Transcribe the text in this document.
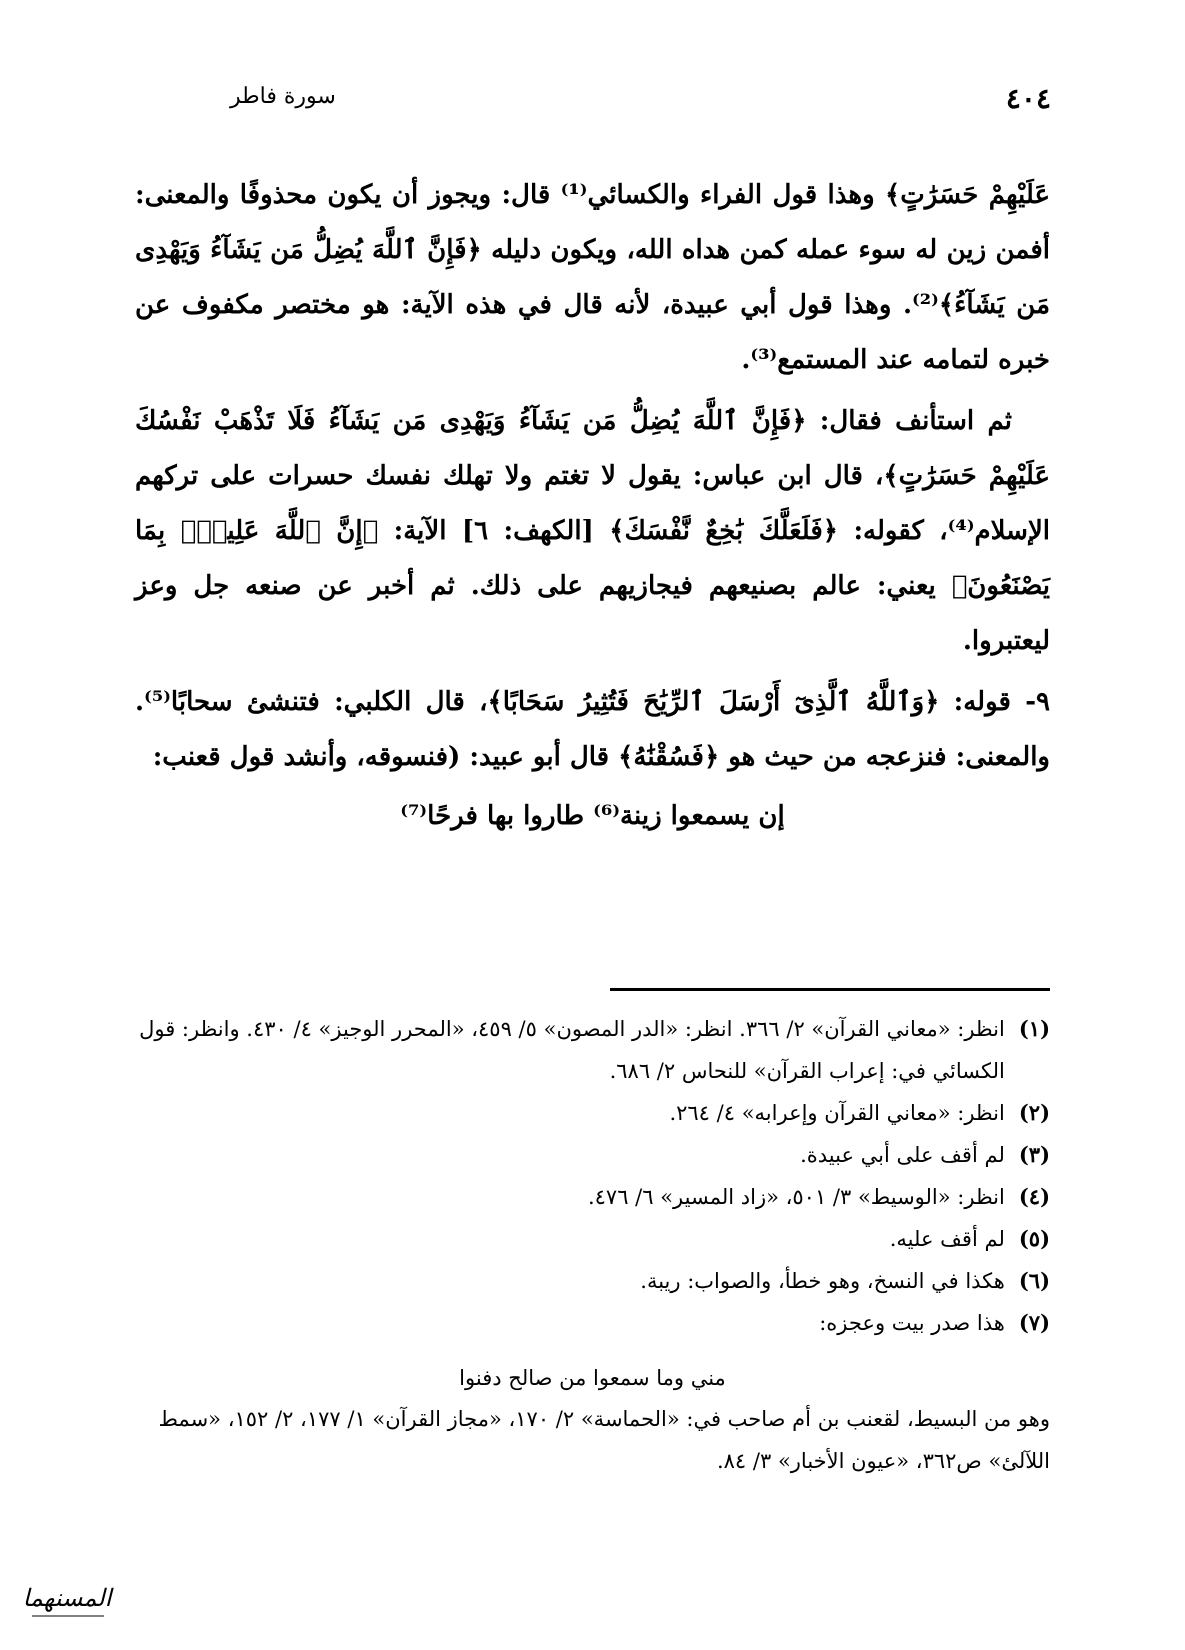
سورة فاطر	٤٠٤

عَلَيْهِمْ حَسَرَٰتٍ﴾ وهذا قول الفراء والكسائي⁽¹⁾ قال: ويجوز أن يكون محذوفًا والمعنى: أفمن زين له سوء عمله كمن هداه الله، ويكون دليله ﴿فَإِنَّ ٱللَّهَ يُضِلُّ مَن يَشَآءُ وَيَهْدِى مَن يَشَآءُ﴾⁽²⁾. وهذا قول أبي عبيدة، لأنه قال في هذه الآية: هو مختصر مكفوف عن خبره لتمامه عند المستمع⁽³⁾.

ثم استأنف فقال: ﴿فَإِنَّ ٱللَّهَ يُضِلُّ مَن يَشَآءُ وَيَهْدِى مَن يَشَآءُ فَلَا تَذْهَبْ نَفْسُكَ عَلَيْهِمْ حَسَرَٰتٍ﴾، قال ابن عباس: يقول لا تغتم ولا تهلك نفسك حسرات على تركهم الإسلام⁽⁴⁾، كقوله: ﴿فَلَعَلَّكَ بَٰخِعٌ نَّفْسَكَ﴾ [الكهف: ٦] الآية: ﴿إِنَّ ٱللَّهَ عَلِيمٌۢ بِمَا يَصْنَعُونَ﴾ يعني: عالم بصنيعهم فيجازيهم على ذلك. ثم أخبر عن صنعه جل وعز ليعتبروا.

٩- قوله: ﴿وَٱللَّهُ ٱلَّذِىٓ أَرْسَلَ ٱلرِّيَٰحَ فَتُثِيرُ سَحَابًا﴾، قال الكلبي: فتنشئ سحابًا⁽⁵⁾. والمعنى: فنزعجه من حيث هو ﴿فَسُقْنَٰهُ﴾ قال أبو عبيد: (فنسوقه، وأنشد قول قعنب:

إن يسمعوا زينة⁽⁶⁾ طاروا بها فرحًا⁽⁷⁾

(١)
انظر: «معاني القرآن» ٢/ ٣٦٦. انظر: «الدر المصون» ٥/ ٤٥٩، «المحرر الوجيز» ٤/ ٤٣٠. وانظر: قول الكسائي في: إعراب القرآن» للنحاس ٢/ ٦٨٦.
(٢)
انظر: «معاني القرآن وإعرابه» ٤/ ٢٦٤.
(٣)
لم أقف على أبي عبيدة.
(٤)
انظر: «الوسيط» ٣/ ٥٠١، «زاد المسير» ٦/ ٤٧٦.
(٥)
لم أقف عليه.
(٦)
هكذا في النسخ، وهو خطأ، والصواب: ريبة.
(٧)
هذا صدر بيت وعجزه:
مني وما سمعوا من صالح دفنوا
وهو من البسيط، لقعنب بن أم صاحب في: «الحماسة» ٢/ ١٧٠، «مجاز القرآن» ١/ ١٧٧، ٢/ ١٥٢، «سمط اللآلئ» ص٣٦٢، «عيون الأخبار» ٣/ ٨٤.
المسنهما
